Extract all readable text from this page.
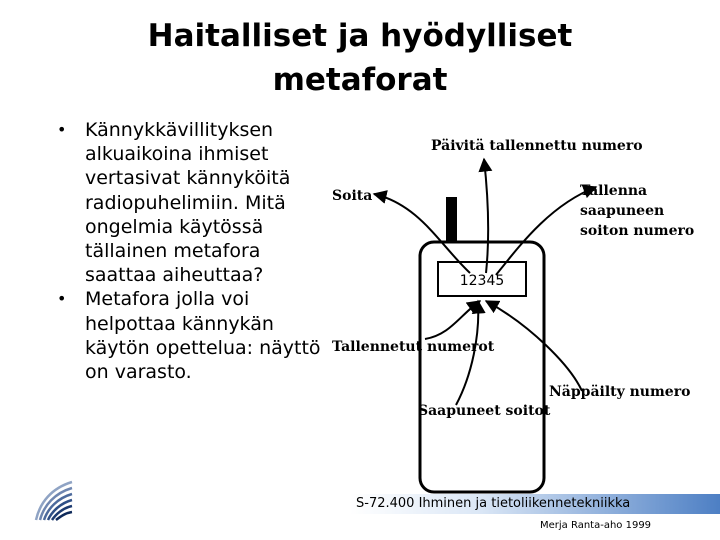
Haitalliset ja hyödylliset
metaforat
• Kännykkävillityksen alkuaikoina ihmiset vertasivat kännyköitä radiopuhelimiin. Mitä ongelmia käytössä tällainen metafora saattaa aiheuttaa?
• Metafora jolla voi helpottaa kännykän käytön opettelua: näyttö on varasto.
12345
Päivitä tallennettu numero
Soita	Tallenna
saapuneen
soiton numero
Tallennetut numerot
Näppäilty numero
Saapuneet soitot
S-72.400 Ihminen ja tietoliikennetekniikka
Merja Ranta-aho 1999
